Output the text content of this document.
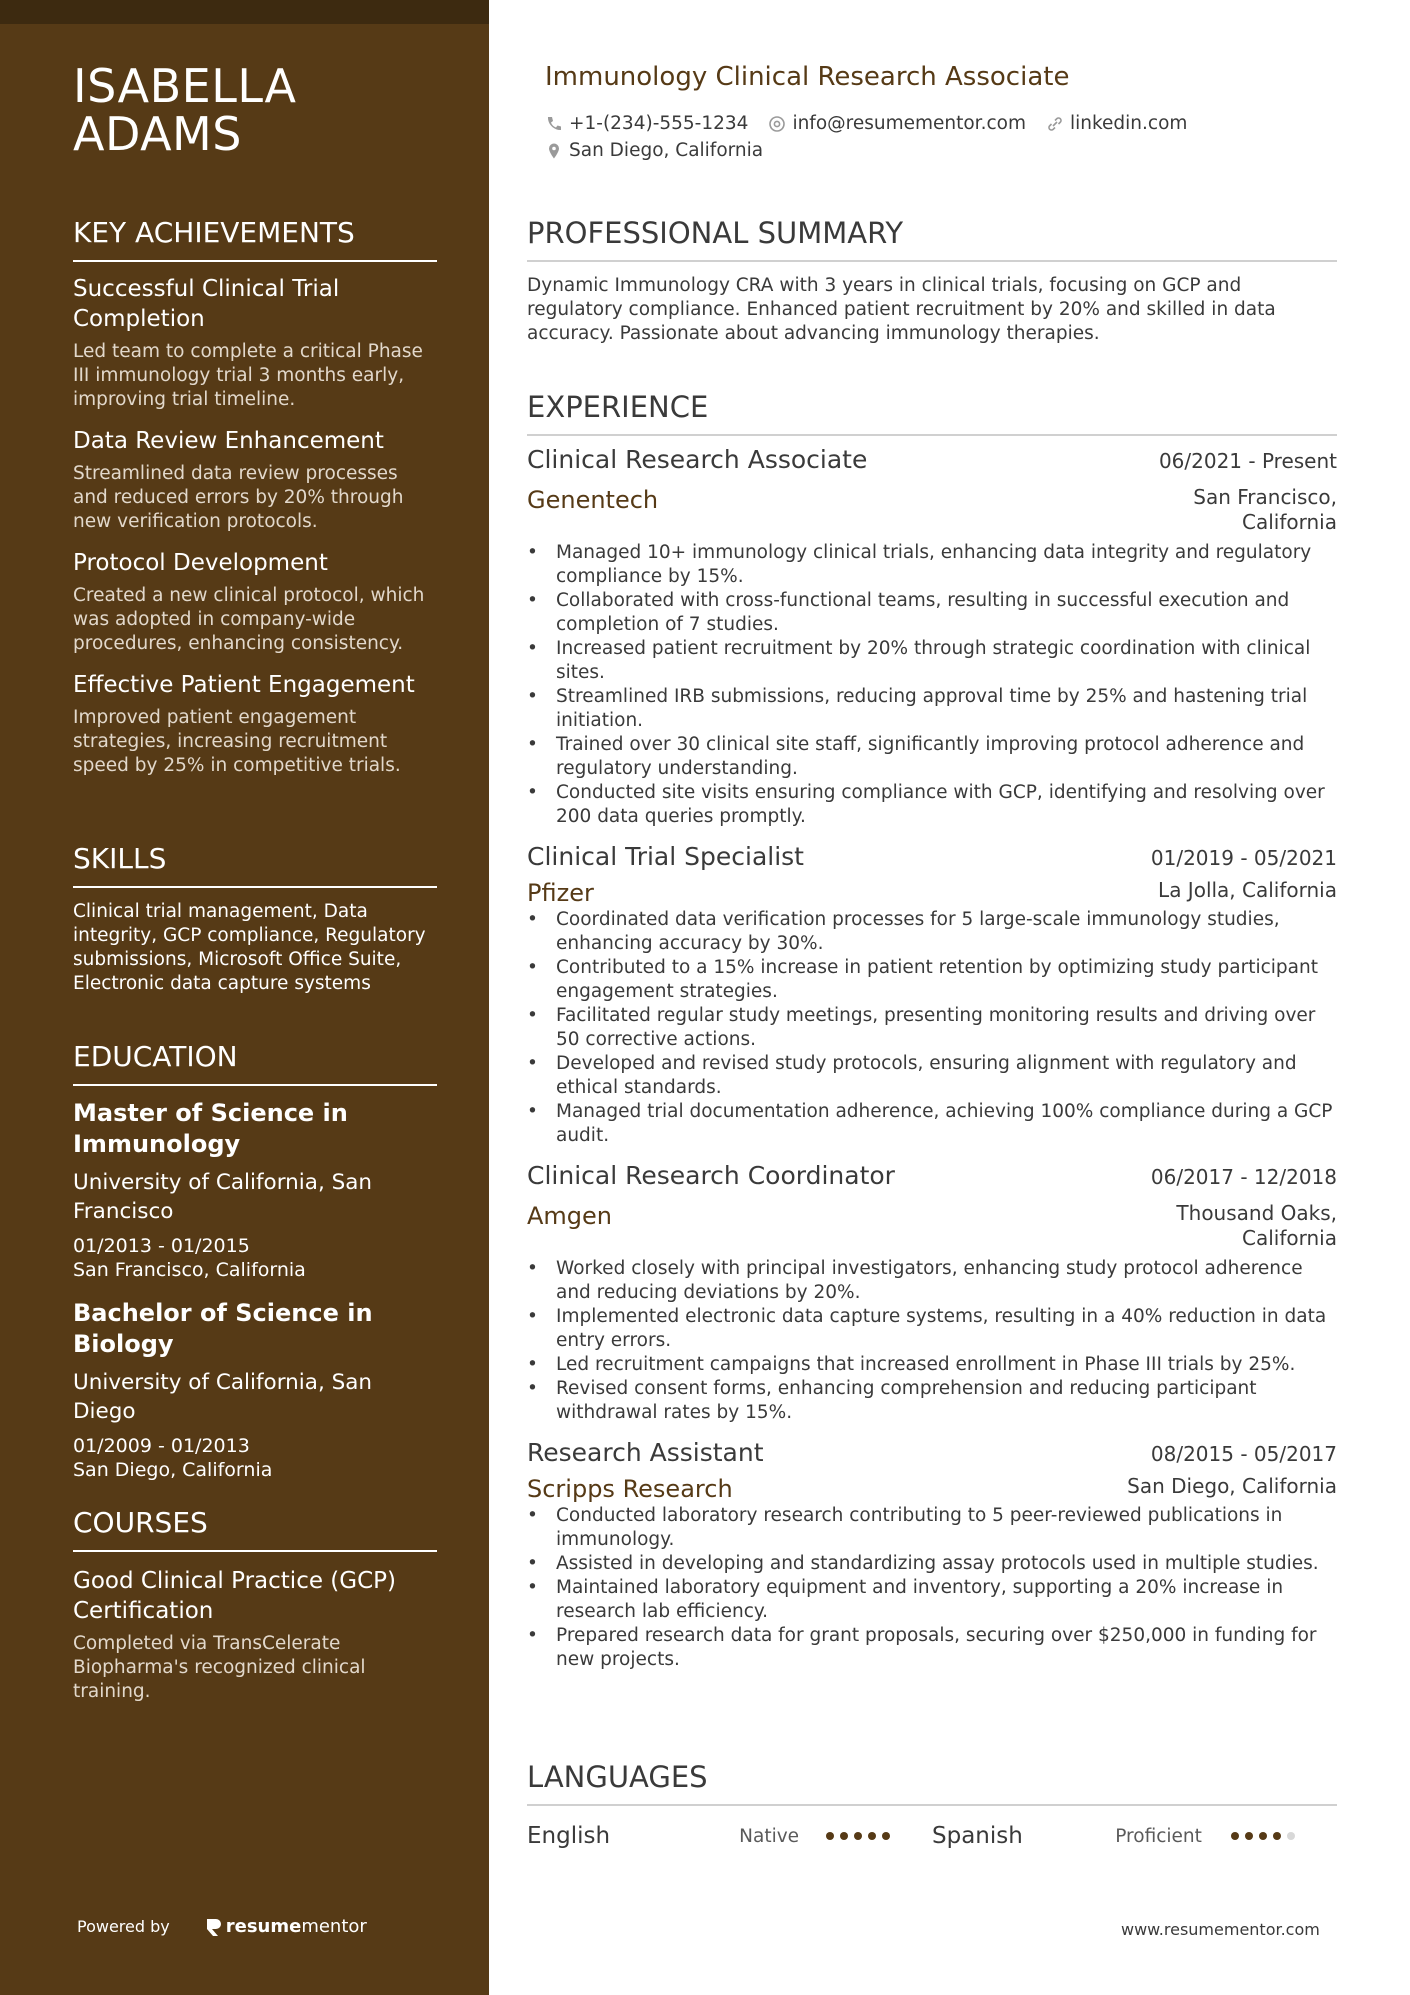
ISABELLA ADAMS
KEY ACHIEVEMENTS
Successful Clinical Trial Completion
Led team to complete a critical Phase III immunology trial 3 months early, improving trial timeline.
Data Review Enhancement
Streamlined data review processes and reduced errors by 20% through new verification protocols.
Protocol Development
Created a new clinical protocol, which was adopted in company-wide procedures, enhancing consistency.
Effective Patient Engagement
Improved patient engagement strategies, increasing recruitment speed by 25% in competitive trials.
SKILLS
Clinical trial management, Data integrity, GCP compliance, Regulatory submissions, Microsoft Office Suite, Electronic data capture systems
EDUCATION
Master of Science in Immunology
University of California, San Francisco
01/2013 - 01/2015
San Francisco, California
Bachelor of Science in Biology
University of California, San Diego
01/2009 - 01/2013
San Diego, California
COURSES
Good Clinical Practice (GCP) Certification
Completed via TransCelerate Biopharma's recognized clinical training.
Powered by	resume mentor
Immunology Clinical Research Associate
+1-(234)-555-1234 info@resumementor.com linkedin.com
San Diego, California
PROFESSIONAL SUMMARY
Dynamic Immunology CRA with 3 years in clinical trials, focusing on GCP and regulatory compliance. Enhanced patient recruitment by 20% and skilled in data accuracy. Passionate about advancing immunology therapies.
EXPERIENCE
Clinical Research Associate	06/2021 - Present
Genentech	San Francisco, California
• Managed 10+ immunology clinical trials, enhancing data integrity and regulatory compliance by 15%.
• Collaborated with cross-functional teams, resulting in successful execution and completion of 7 studies.
• Increased patient recruitment by 20% through strategic coordination with clinical sites.
• Streamlined IRB submissions, reducing approval time by 25% and hastening trial initiation.
• Trained over 30 clinical site staff, significantly improving protocol adherence and regulatory understanding.
• Conducted site visits ensuring compliance with GCP, identifying and resolving over 200 data queries promptly.
Clinical Trial Specialist	01/2019 - 05/2021
Pfizer	La Jolla, California
• Coordinated data verification processes for 5 large-scale immunology studies, enhancing accuracy by 30%.
• Contributed to a 15% increase in patient retention by optimizing study participant engagement strategies.
• Facilitated regular study meetings, presenting monitoring results and driving over 50 corrective actions.
• Developed and revised study protocols, ensuring alignment with regulatory and ethical standards.
• Managed trial documentation adherence, achieving 100% compliance during a GCP audit.
Clinical Research Coordinator	06/2017 - 12/2018
Amgen	Thousand Oaks, California
• Worked closely with principal investigators, enhancing study protocol adherence and reducing deviations by 20%.
• Implemented electronic data capture systems, resulting in a 40% reduction in data entry errors.
• Led recruitment campaigns that increased enrollment in Phase III trials by 25%.
• Revised consent forms, enhancing comprehension and reducing participant withdrawal rates by 15%.
Research Assistant	08/2015 - 05/2017
Scripps Research	San Diego, California
• Conducted laboratory research contributing to 5 peer-reviewed publications in immunology.
• Assisted in developing and standardizing assay protocols used in multiple studies.
• Maintained laboratory equipment and inventory, supporting a 20% increase in research lab efficiency.
• Prepared research data for grant proposals, securing over $250,000 in funding for new projects.
LANGUAGES
English	Native	Spanish	Proficient
www.resumementor.com
